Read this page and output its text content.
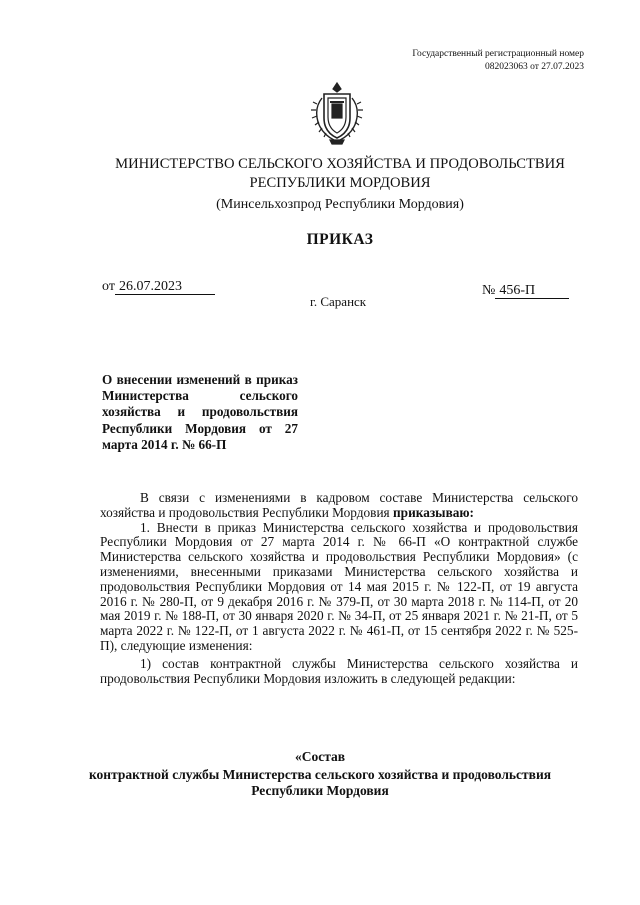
Государственный регистрационный номер
082023063 от 27.07.2023
МИНИСТЕРСТВО СЕЛЬСКОГО ХОЗЯЙСТВА И ПРОДОВОЛЬСТВИЯ
РЕСПУБЛИКИ МОРДОВИЯ
(Минсельхозпрод Республики Мордовия)
ПРИКАЗ
от 26.07.2023	№ 456-П
г. Саранск
О внесении изменений в приказ Министерства сельского хозяйства и продовольствия Республики Мордовия от 27 марта 2014 г. № 66-П

В связи с изменениями в кадровом составе Министерства сельского хозяйства и продовольствия Республики Мордовия приказываю:

1. Внести в приказ Министерства сельского хозяйства и продовольствия Республики Мордовия от 27 марта 2014 г. № 66-П «О контрактной службе Министерства сельского хозяйства и продовольствия Республики Мордовия» (с изменениями, внесенными приказами Министерства сельского хозяйства и продовольствия Республики Мордовия от 14 мая 2015 г. № 122-П, от 19 августа 2016 г. № 280-П, от 9 декабря 2016 г. № 379-П, от 30 марта 2018 г. № 114-П, от 20 мая 2019 г. № 188-П, от 30 января 2020 г. № 34-П, от 25 января 2021 г. № 21-П, от 5 марта 2022 г. № 122-П, от 1 августа 2022 г. № 461-П, от 15 сентября 2022 г. № 525-П), следующие изменения:

1) состав контрактной службы Министерства сельского хозяйства и продовольствия Республики Мордовия изложить в следующей редакции:

«Состав
контрактной службы Министерства сельского хозяйства и продовольствия Республики Мордовия
